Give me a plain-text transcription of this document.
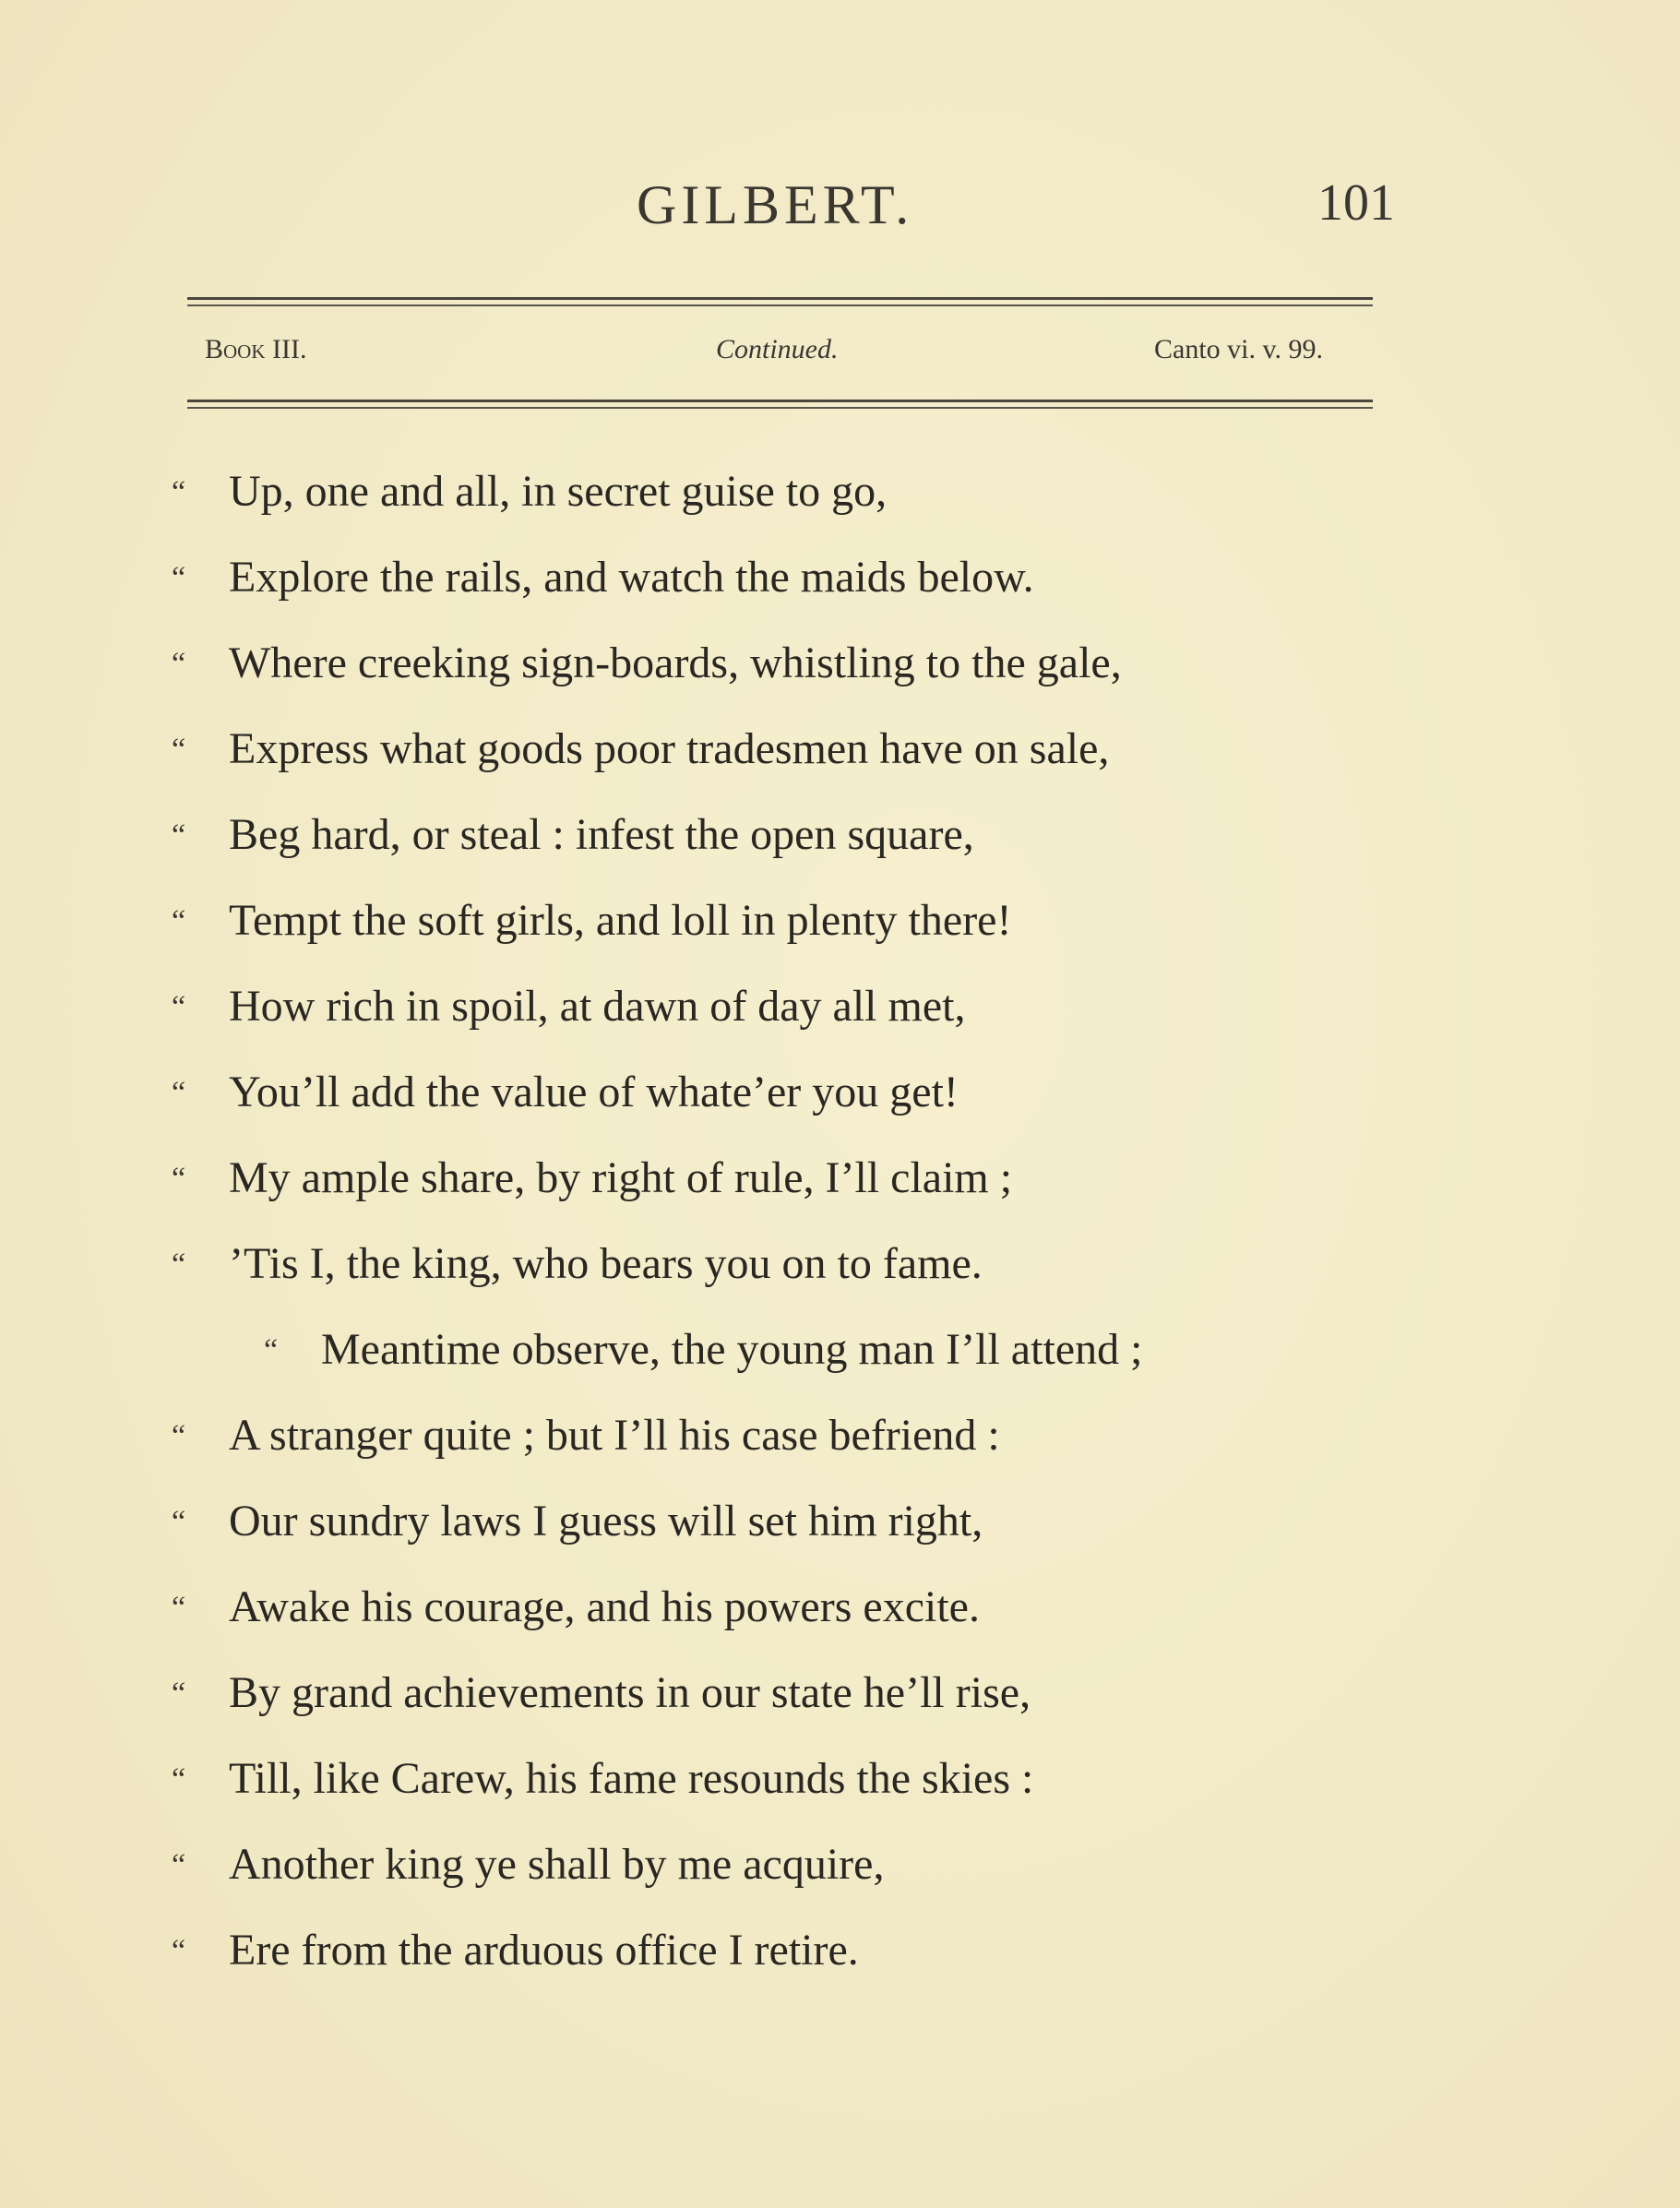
GILBERT.	101
Book III.	Continued.	Canto vi. v. 99.
“ Up, one and all, in secret guise to go,
“ Explore the rails, and watch the maids below.
“ Where creeking sign-boards, whistling to the gale,
“ Express what goods poor tradesmen have on sale,
“ Beg hard, or steal : infest the open square,
“ Tempt the soft girls, and loll in plenty there!
“ How rich in spoil, at dawn of day all met,
“ You’ll add the value of whate’er you get!
“ My ample share, by right of rule, I’ll claim ;
“ ’Tis I, the king, who bears you on to fame.
“ Meantime observe, the young man I’ll attend ;
“ A stranger quite ; but I’ll his case befriend :
“ Our sundry laws I guess will set him right,
“ Awake his courage, and his powers excite.
“ By grand achievements in our state he’ll rise,
“ Till, like Carew, his fame resounds the skies :
“ Another king ye shall by me acquire,
“ Ere from the arduous office I retire.
